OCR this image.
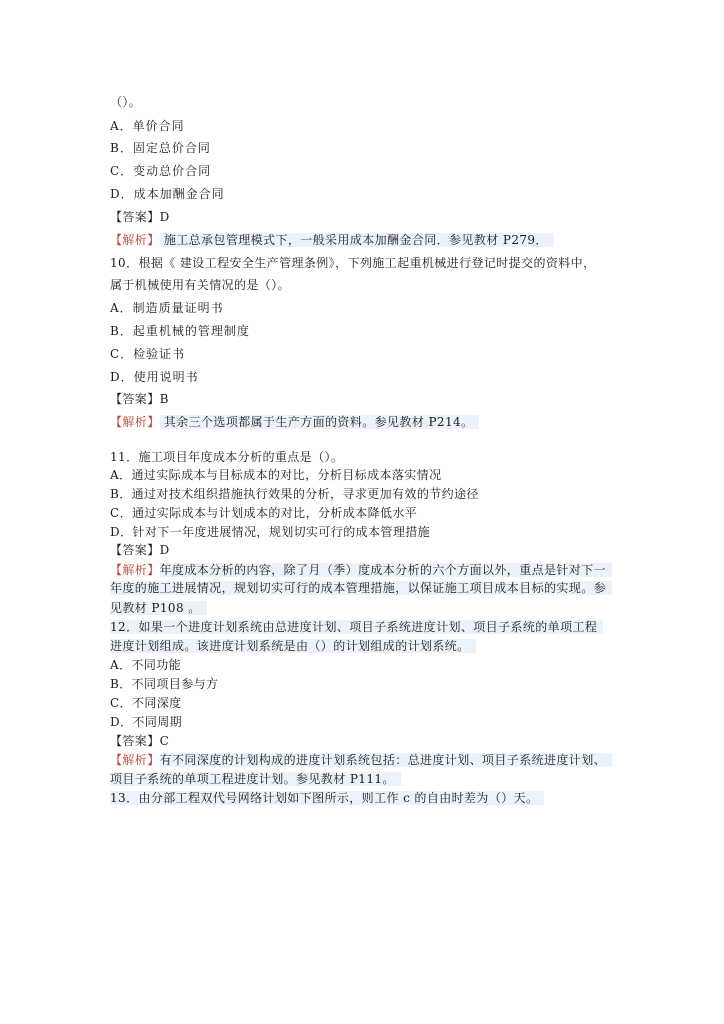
（）。
A．单价合同
B．固定总价合同
C．变动总价合同
D．成本加酬金合同
【答案】D
【解析】 施工总承包管理模式下，一般采用成本加酬金合同．参见教材 P279．
10．根据《 建设工程安全生产管理条例》，下列施工起重机械进行登记时提交的资料中，
属于机械使用有关情况的是（）。
A．制造质量证明书
B．起重机械的管理制度
C．检验证书
D．使用说明书
【答案】B
【解析】 其余三个选项都属于生产方面的资料。参见教材 P214。
11．施工项目年度成本分析的重点是（）。
A．通过实际成本与目标成本的对比，分析目标成本落实情况
B．通过对技术组织措施执行效果的分析，寻求更加有效的节约途径
C．通过实际成本与计划成本的对比，分析成本降低水平
D．针对下一年度进展情况，规划切实可行的成本管理措施
【答案】D
【解析】年度成本分析的内容，除了月（季）度成本分析的六个方面以外，重点是针对下一
年度的施工进展情况，规划切实可行的成本管理措施，以保证施工项目成本目标的实现。参
见教材 P108 。
12．如果一个进度计划系统由总进度计划、项目子系统进度计划、项目子系统的单项工程
进度计划组成。该进度计划系统是由（）的计划组成的计划系统。
A．不同功能
B．不同项目参与方
C．不同深度
D．不同周期
【答案】C
【解析】有不同深度的计划构成的进度计划系统包括：总进度计划、项目子系统进度计划、
项目子系统的单项工程进度计划。参见教材 P111。
13．由分部工程双代号网络计划如下图所示，则工作 c 的自由时差为（）天。
